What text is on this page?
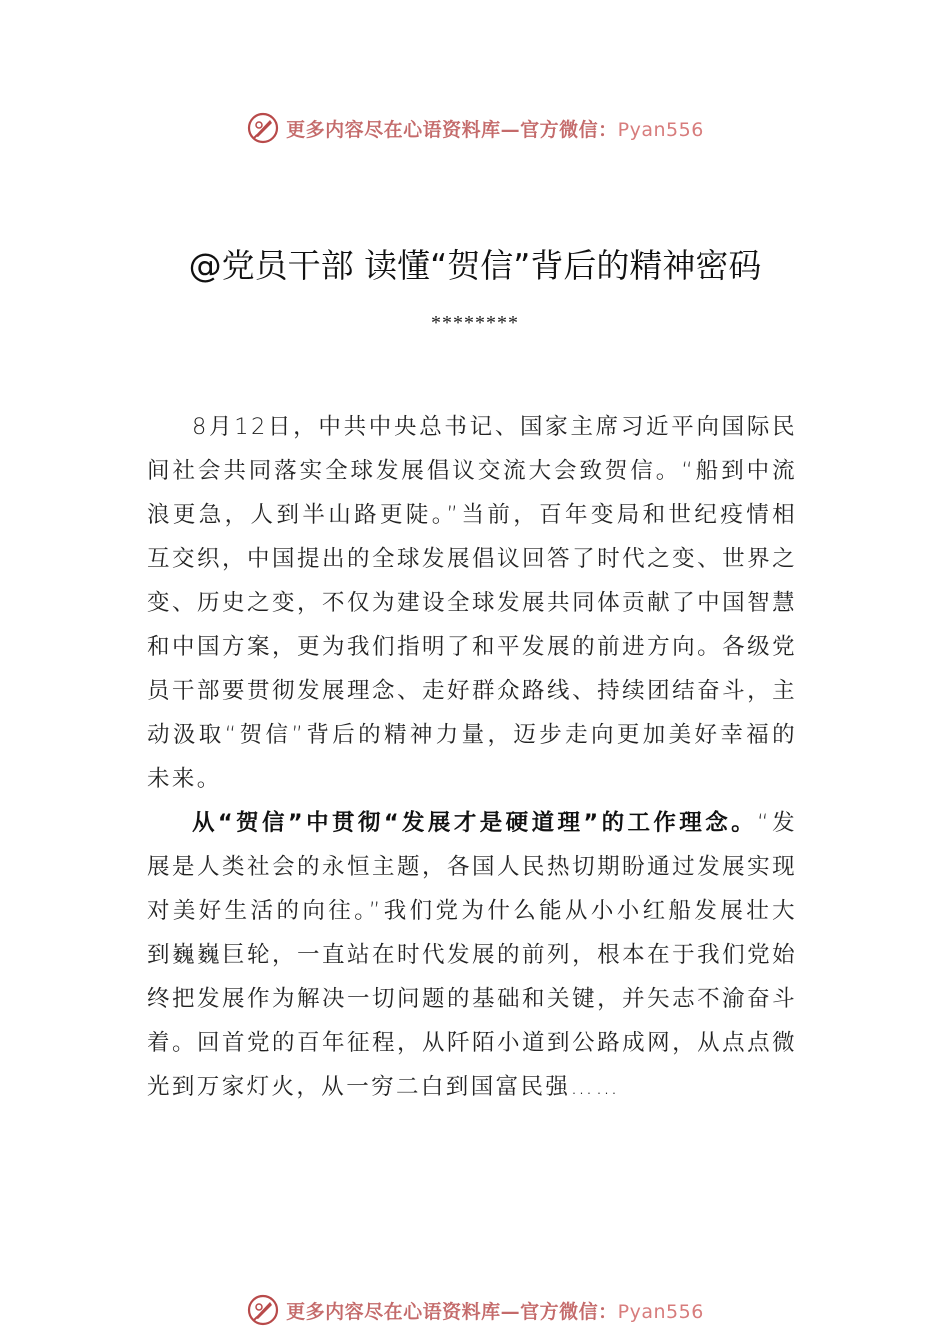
更多内容尽在心语资料库—官方微信：Pyan556
@党员干部 读懂“贺信”背后的精神密码
********

8月12日，中共中央总书记、国家主席习近平向国际民间社会共同落实全球发展倡议交流大会致贺信。“船到中流浪更急，人到半山路更陡。”当前，百年变局和世纪疫情相互交织，中国提出的全球发展倡议回答了时代之变、世界之变、历史之变，不仅为建设全球发展共同体贡献了中国智慧和中国方案，更为我们指明了和平发展的前进方向。各级党员干部要贯彻发展理念、走好群众路线、持续团结奋斗，主动汲取“贺信”背后的精神力量，迈步走向更加美好幸福的未来。

从“贺信”中贯彻“发展才是硬道理”的工作理念。“发展是人类社会的永恒主题，各国人民热切期盼通过发展实现对美好生活的向往。”我们党为什么能从小小红船发展壮大到巍巍巨轮，一直站在时代发展的前列，根本在于我们党始终把发展作为解决一切问题的基础和关键，并矢志不渝奋斗着。回首党的百年征程，从阡陌小道到公路成网，从点点微光到万家灯火，从一穷二白到国富民强……

更多内容尽在心语资料库—官方微信：Pyan556
